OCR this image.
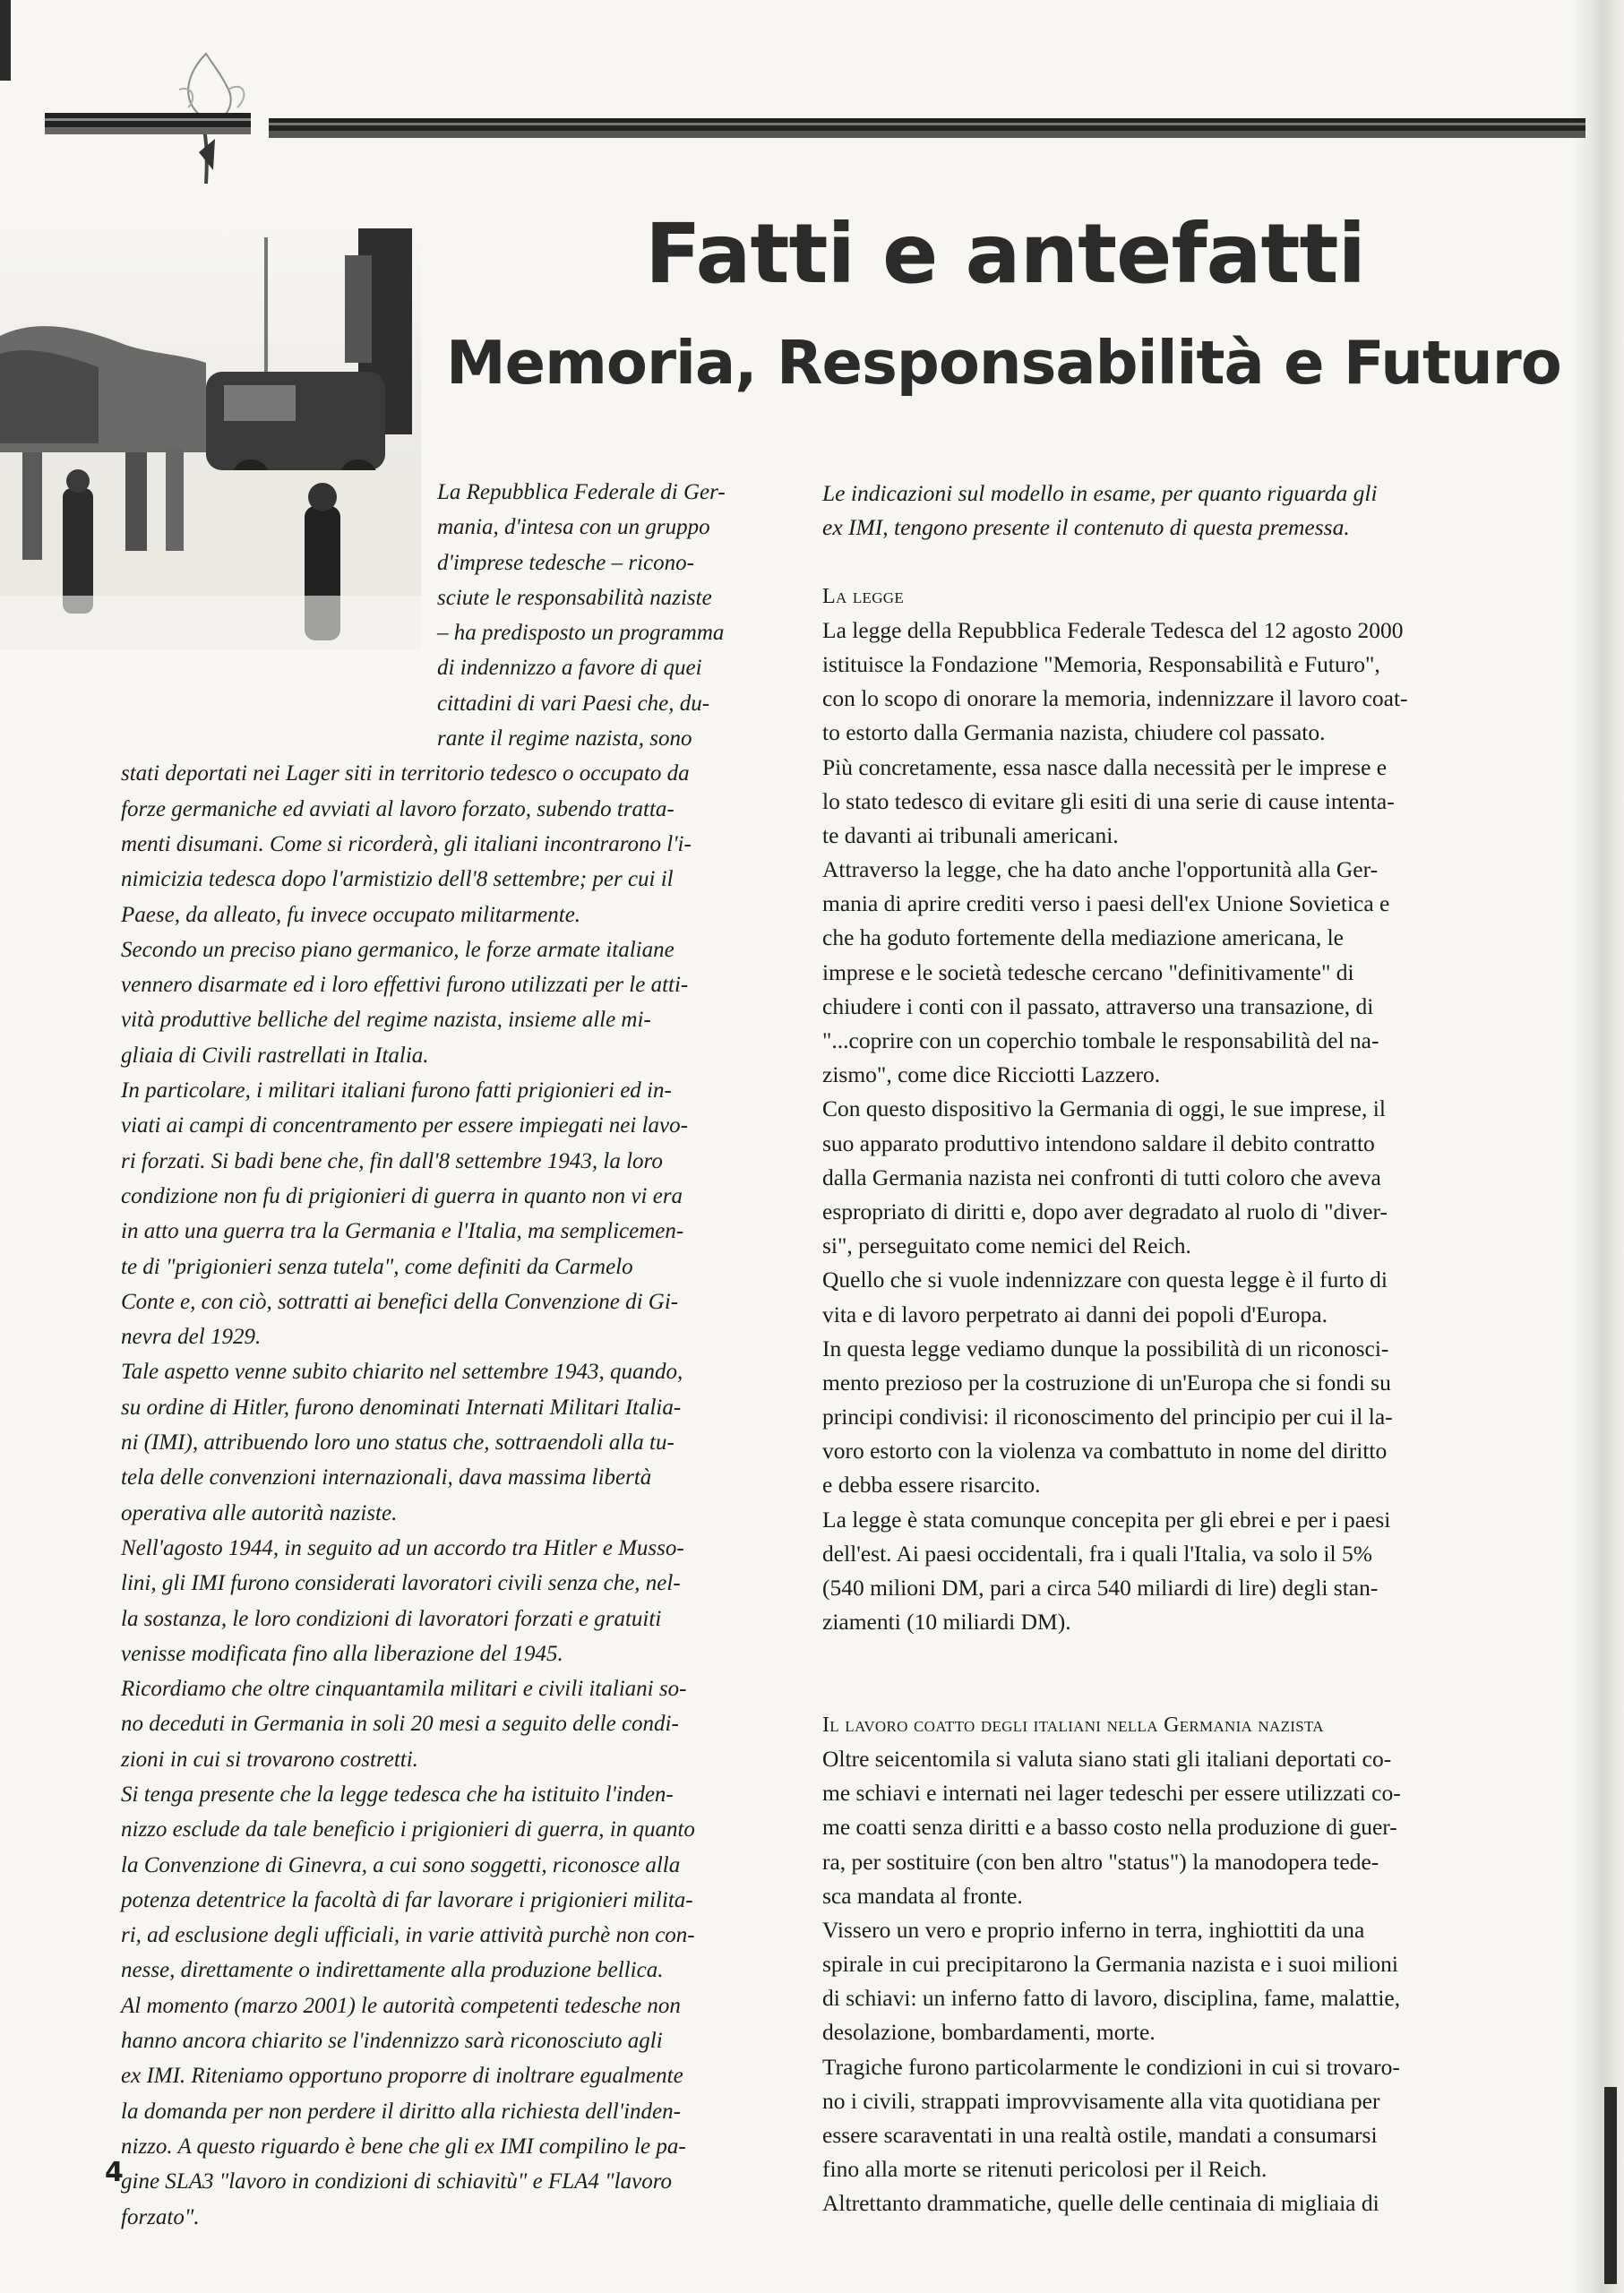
Fatti e antefatti
Memoria, Responsabilità e Futuro
La Repubblica Federale di Ger-
mania, d'intesa con un gruppo
d'imprese tedesche – ricono-
sciute le responsabilità naziste
– ha predisposto un programma
di indennizzo a favore di quei
cittadini di vari Paesi che, du-
rante il regime nazista, sono
stati deportati nei Lager siti in territorio tedesco o occupato da
forze germaniche ed avviati al lavoro forzato, subendo tratta-
menti disumani. Come si ricorderà, gli italiani incontrarono l'i-
nimicizia tedesca dopo l'armistizio dell'8 settembre; per cui il
Paese, da alleato, fu invece occupato militarmente.
Secondo un preciso piano germanico, le forze armate italiane
vennero disarmate ed i loro effettivi furono utilizzati per le atti-
vità produttive belliche del regime nazista, insieme alle mi-
gliaia di Civili rastrellati in Italia.
In particolare, i militari italiani furono fatti prigionieri ed in-
viati ai campi di concentramento per essere impiegati nei lavo-
ri forzati. Si badi bene che, fin dall'8 settembre 1943, la loro
condizione non fu di prigionieri di guerra in quanto non vi era
in atto una guerra tra la Germania e l'Italia, ma semplicemen-
te di "prigionieri senza tutela", come definiti da Carmelo
Conte e, con ciò, sottratti ai benefici della Convenzione di Gi-
nevra del 1929.
Tale aspetto venne subito chiarito nel settembre 1943, quando,
su ordine di Hitler, furono denominati Internati Militari Italia-
ni (IMI), attribuendo loro uno status che, sottraendoli alla tu-
tela delle convenzioni internazionali, dava massima libertà
operativa alle autorità naziste.
Nell'agosto 1944, in seguito ad un accordo tra Hitler e Musso-
lini, gli IMI furono considerati lavoratori civili senza che, nel-
la sostanza, le loro condizioni di lavoratori forzati e gratuiti
venisse modificata fino alla liberazione del 1945.
Ricordiamo che oltre cinquantamila militari e civili italiani so-
no deceduti in Germania in soli 20 mesi a seguito delle condi-
zioni in cui si trovarono costretti.
Si tenga presente che la legge tedesca che ha istituito l'inden-
nizzo esclude da tale beneficio i prigionieri di guerra, in quanto
la Convenzione di Ginevra, a cui sono soggetti, riconosce alla
potenza detentrice la facoltà di far lavorare i prigionieri milita-
ri, ad esclusione degli ufficiali, in varie attività purchè non con-
nesse, direttamente o indirettamente alla produzione bellica.
Al momento (marzo 2001) le autorità competenti tedesche non
hanno ancora chiarito se l'indennizzo sarà riconosciuto agli
ex IMI. Riteniamo opportuno proporre di inoltrare egualmente
la domanda per non perdere il diritto alla richiesta dell'inden-
nizzo. A questo riguardo è bene che gli ex IMI compilino le pa-
gine SLA3 "lavoro in condizioni di schiavitù" e FLA4 "lavoro
forzato".
Le indicazioni sul modello in esame, per quanto riguarda gli
ex IMI, tengono presente il contenuto di questa premessa.
La legge
La legge della Repubblica Federale Tedesca del 12 agosto 2000
istituisce la Fondazione "Memoria, Responsabilità e Futuro",
con lo scopo di onorare la memoria, indennizzare il lavoro coat-
to estorto dalla Germania nazista, chiudere col passato.
Più concretamente, essa nasce dalla necessità per le imprese e
lo stato tedesco di evitare gli esiti di una serie di cause intenta-
te davanti ai tribunali americani.
Attraverso la legge, che ha dato anche l'opportunità alla Ger-
mania di aprire crediti verso i paesi dell'ex Unione Sovietica e
che ha goduto fortemente della mediazione americana, le
imprese e le società tedesche cercano "definitivamente" di
chiudere i conti con il passato, attraverso una transazione, di
"...coprire con un coperchio tombale le responsabilità del na-
zismo", come dice Ricciotti Lazzero.
Con questo dispositivo la Germania di oggi, le sue imprese, il
suo apparato produttivo intendono saldare il debito contratto
dalla Germania nazista nei confronti di tutti coloro che aveva
espropriato di diritti e, dopo aver degradato al ruolo di "diver-
si", perseguitato come nemici del Reich.
Quello che si vuole indennizzare con questa legge è il furto di
vita e di lavoro perpetrato ai danni dei popoli d'Europa.
In questa legge vediamo dunque la possibilità di un riconosci-
mento prezioso per la costruzione di un'Europa che si fondi su
principi condivisi: il riconoscimento del principio per cui il la-
voro estorto con la violenza va combattuto in nome del diritto
e debba essere risarcito.
La legge è stata comunque concepita per gli ebrei e per i paesi
dell'est. Ai paesi occidentali, fra i quali l'Italia, va solo il 5%
(540 milioni DM, pari a circa 540 miliardi di lire) degli stan-
ziamenti (10 miliardi DM).
Il lavoro coatto degli italiani nella Germania nazista
Oltre seicentomila si valuta siano stati gli italiani deportati co-
me schiavi e internati nei lager tedeschi per essere utilizzati co-
me coatti senza diritti e a basso costo nella produzione di guer-
ra, per sostituire (con ben altro "status") la manodopera tede-
sca mandata al fronte.
Vissero un vero e proprio inferno in terra, inghiottiti da una
spirale in cui precipitarono la Germania nazista e i suoi milioni
di schiavi: un inferno fatto di lavoro, disciplina, fame, malattie,
desolazione, bombardamenti, morte.
Tragiche furono particolarmente le condizioni in cui si trovaro-
no i civili, strappati improvvisamente alla vita quotidiana per
essere scaraventati in una realtà ostile, mandati a consumarsi
fino alla morte se ritenuti pericolosi per il Reich.
Altrettanto drammatiche, quelle delle centinaia di migliaia di
4
